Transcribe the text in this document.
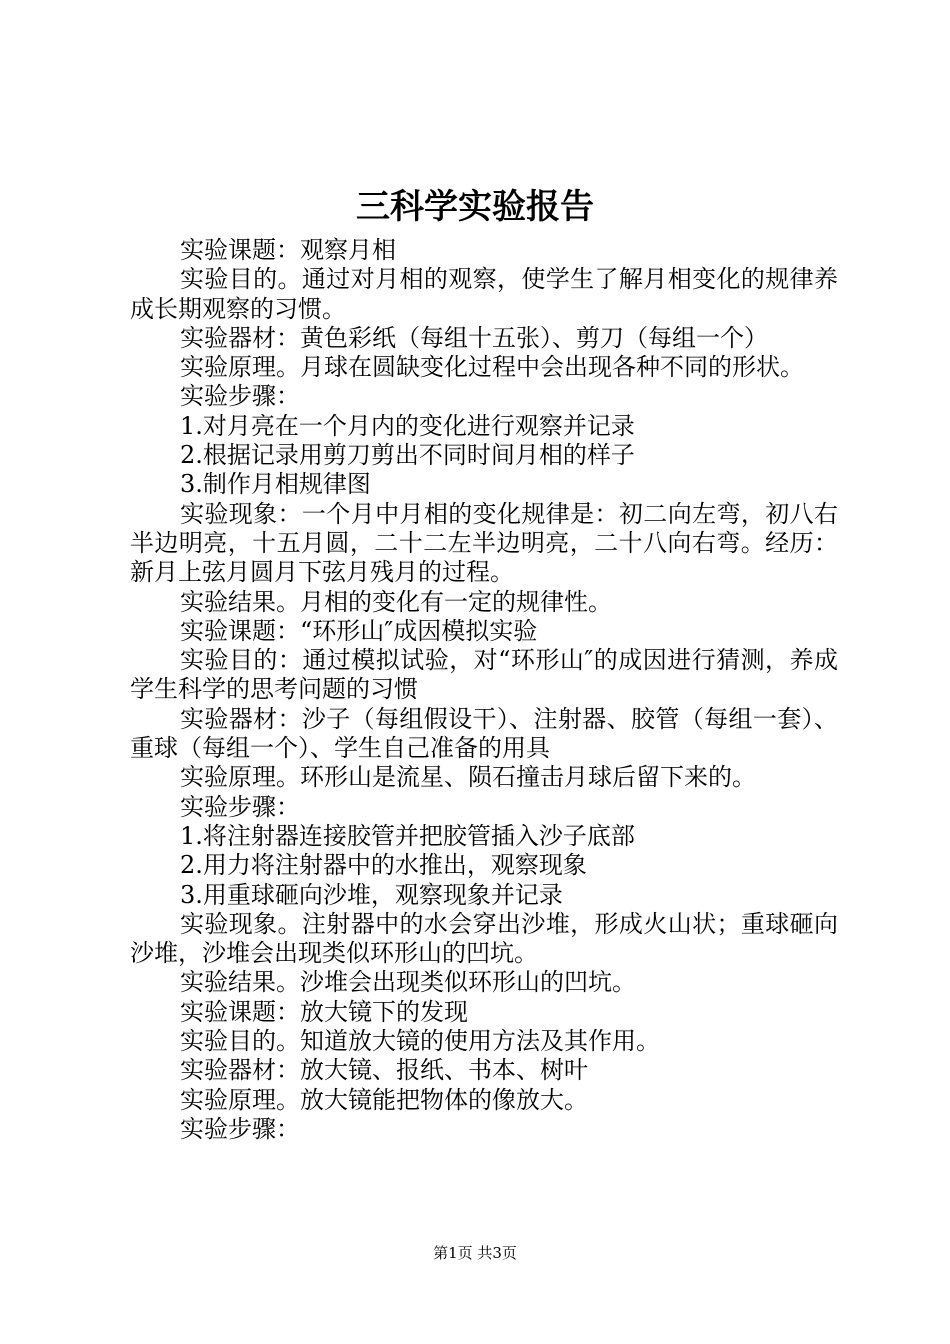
三科学实验报告

实验课题：观察月相

实验目的。通过对月相的观察，使学生了解月相变化的规律养成长期观察的习惯。

实验器材：黄色彩纸（每组十五张）、剪刀（每组一个）

实验原理。月球在圆缺变化过程中会出现各种不同的形状。

实验步骤：

1.对月亮在一个月内的变化进行观察并记录

2.根据记录用剪刀剪出不同时间月相的样子

3.制作月相规律图

实验现象：一个月中月相的变化规律是：初二向左弯，初八右半边明亮，十五月圆，二十二左半边明亮，二十八向右弯。经历：新月上弦月圆月下弦月残月的过程。

实验结果。月相的变化有一定的规律性。

实验课题：“环形山″成因模拟实验

实验目的：通过模拟试验，对“环形山″的成因进行猜测，养成学生科学的思考问题的习惯

实验器材：沙子（每组假设干）、注射器、胶管（每组一套）、重球（每组一个）、学生自己准备的用具

实验原理。环形山是流星、陨石撞击月球后留下来的。

实验步骤：

1.将注射器连接胶管并把胶管插入沙子底部

2.用力将注射器中的水推出，观察现象

3.用重球砸向沙堆，观察现象并记录

实验现象。注射器中的水会穿出沙堆，形成火山状；重球砸向沙堆，沙堆会出现类似环形山的凹坑。

实验结果。沙堆会出现类似环形山的凹坑。

实验课题：放大镜下的发现

实验目的。知道放大镜的使用方法及其作用。

实验器材：放大镜、报纸、书本、树叶

实验原理。放大镜能把物体的像放大。

实验步骤：

第1页 共3页
